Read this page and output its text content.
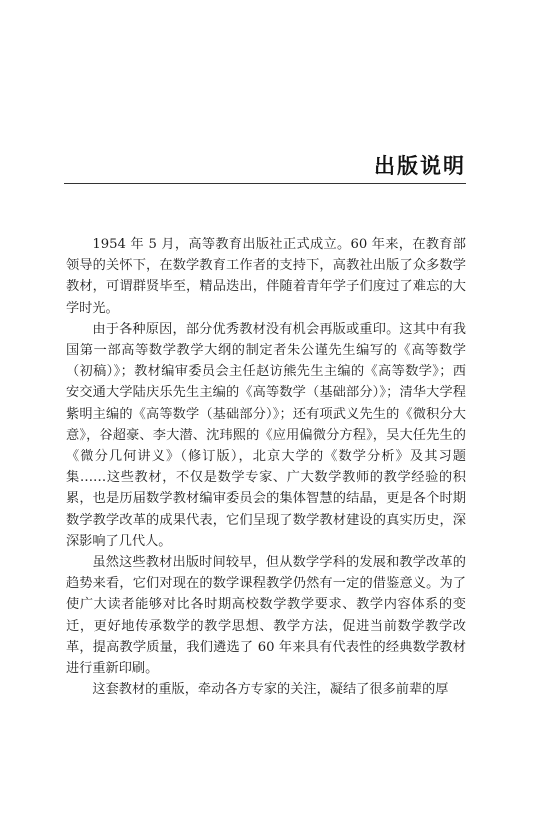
出版说明

1954 年 5 月，高等教育出版社正式成立。60 年来，在教育部领导的关怀下，在数学教育工作者的支持下，高教社出版了众多数学教材，可谓群贤毕至，精品迭出，伴随着青年学子们度过了难忘的大学时光。

由于各种原因，部分优秀教材没有机会再版或重印。这其中有我国第一部高等数学教学大纲的制定者朱公谨先生编写的《高等数学（初稿）》；教材编审委员会主任赵访熊先生主编的《高等数学》；西安交通大学陆庆乐先生主编的《高等数学（基础部分）》；清华大学程紫明主编的《高等数学（基础部分）》；还有项武义先生的《微积分大意》，谷超豪、李大潜、沈玮熙的《应用偏微分方程》，吴大任先生的《微分几何讲义》（修订版），北京大学的《数学分析》及其习题集……这些教材，不仅是数学专家、广大数学教师的教学经验的积累，也是历届数学教材编审委员会的集体智慧的结晶，更是各个时期数学教学改革的成果代表，它们呈现了数学教材建设的真实历史，深深影响了几代人。

虽然这些教材出版时间较早，但从数学学科的发展和教学改革的趋势来看，它们对现在的数学课程教学仍然有一定的借鉴意义。为了使广大读者能够对比各时期高校数学教学要求、教学内容体系的变迁，更好地传承数学的教学思想、教学方法，促进当前数学教学改革，提高教学质量，我们遴选了 60 年来具有代表性的经典数学教材进行重新印刷。

这套教材的重版，牵动各方专家的关注，凝结了很多前辈的厚
